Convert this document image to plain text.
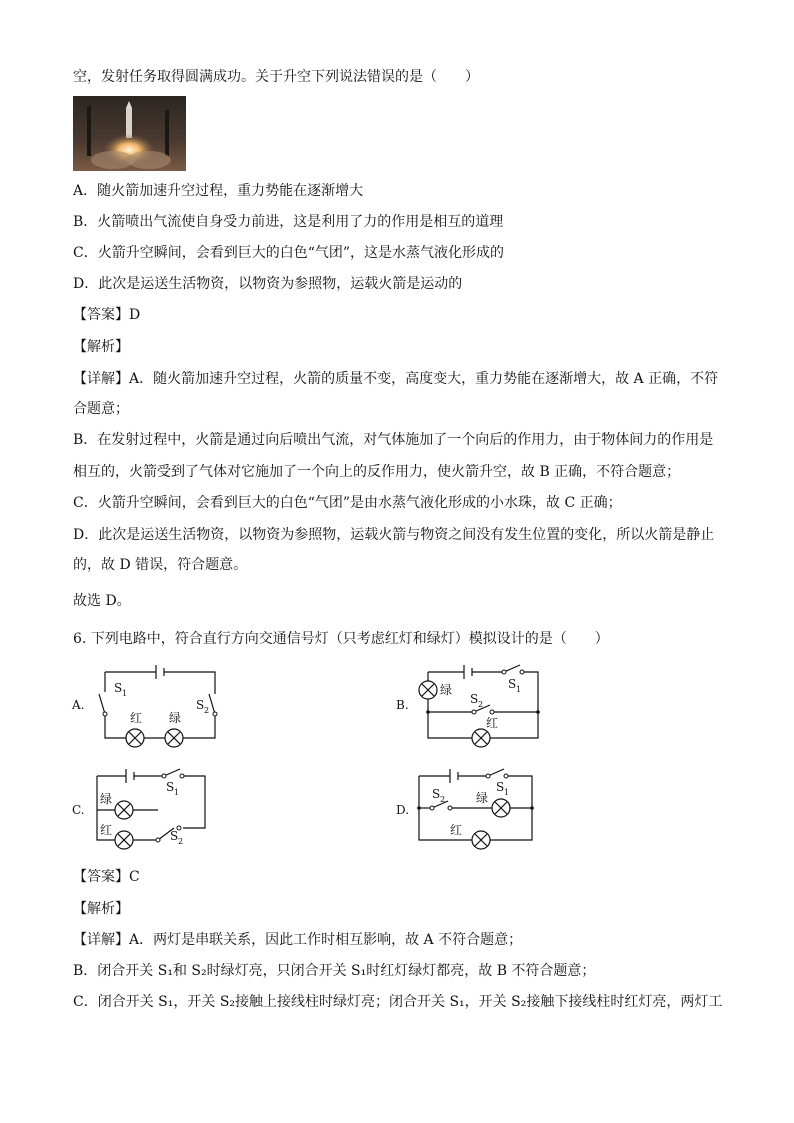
空，发射任务取得圆满成功。关于升空下列说法错误的是（　　）
A．随火箭加速升空过程，重力势能在逐渐增大
B．火箭喷出气流使自身受力前进，这是利用了力的作用是相互的道理
C．火箭升空瞬间，会看到巨大的白色“气团”，这是水蒸气液化形成的
D．此次是运送生活物资，以物资为参照物，运载火箭是运动的
【答案】D
【解析】
【详解】A．随火箭加速升空过程，火箭的质量不变，高度变大，重力势能在逐渐增大，故 A 正确，不符
合题意；
B．在发射过程中，火箭是通过向后喷出气流，对气体施加了一个向后的作用力，由于物体间力的作用是
相互的，火箭受到了气体对它施加了一个向上的反作用力，使火箭升空，故 B 正确，不符合题意；
C．火箭升空瞬间，会看到巨大的白色“气团”是由水蒸气液化形成的小水珠，故 C 正确；
D．此次是运送生活物资，以物资为参照物，运载火箭与物资之间没有发生位置的变化，所以火箭是静止
的，故 D 错误，符合题意。
故选 D。
6. 下列电路中，符合直行方向交通信号灯（只考虑红灯和绿灯）模拟设计的是（　　）
A.
S 1
S 2
红 绿
B.
绿	S 1
S 2
红
C.
绿
红
S 1
S 2
D.
S 2
S 1
绿
红
【答案】C
【解析】
【详解】A．两灯是串联关系，因此工作时相互影响，故 A 不符合题意；
B．闭合开关 S₁和 S₂时绿灯亮，只闭合开关 S₁时红灯绿灯都亮，故 B 不符合题意；
C．闭合开关 S₁，开关 S₂接触上接线柱时绿灯亮；闭合开关 S₁，开关 S₂接触下接线柱时红灯亮，两灯工
